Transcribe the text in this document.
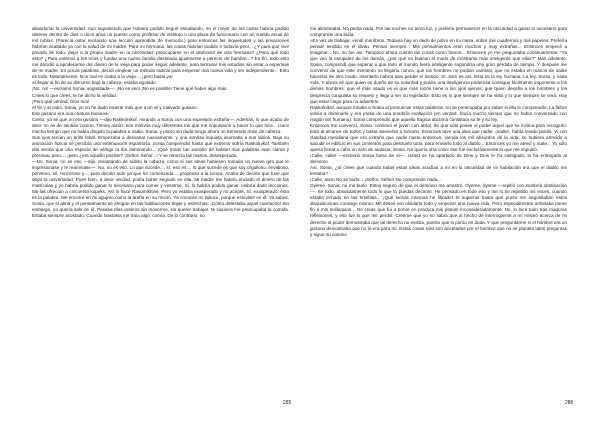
abandonar la universidad. Aun suponiendo que hubiera podido seguir estudiando, en el mejor de los casos habría podido obtener dentro de diez o doce años un puesto como profesor de instituto o una plaza de funcionario con un sueldo anual de mil rublos. (Parecía estar recitando una lección aprendida de memoria.) para entonces las inquietudes y las privaciones habrían acabado ya con la salud de mi madre. Para mi hermana, las cosas habrían podido ir todavía peor... ¿Y para qué vivir privado de todo, dejar a la propia madre en la necesidad, preocuparse en el deshonor de una hermana? ¿Para qué todo esto? ¿Para enterrar a los míos y fundar una nueva familia destinada igualmente a perecer de hambre...? En fin, todo esto me decidió a apoderarme del dinero de la vieja para poder seguir adelante, para terminar mis estudios sin estar a expensas de mi madre. En pocas palabras, decidí emplear un método radical para empezar una nueva vida y ser independiente... Esto es todo. Naturalmente, hice mal en matar a la vieja..., ¡pero basta ya!

Al llegar al fin de su discurso bajó la cabeza, estaba agotado.

¡No, no! —exclamó Sonia, angustiada—. ¡No es eso! ¡No es posible! Tiene que haber algo más.

Crees lo que crees, te he dicho la verdad.

¡Pero qué verdad, Dios mío!

Al fin y al cabo, Sonia, yo no he dado muerte más que a un vil y malvado gusano.

Ese gusano era una criatura humana.

Cierto, ya sé que no era gusano —dijo Raskolnikof, mirando a Sonia con una expresión extraña—. Además, lo que acabo de decir no es de sentido común. Tienes razón: son motivos muy diferentes los que me impulsaron a hacer lo que hice... Hace mucho tiempo que no había dirigido la palabra a nadie, Sonia, y porso sin duda tengo ahora un tremendo dolor de cabeza.

Sus ojos tenían un brillo febril. Empezaba a desvariar nuevamente, y una sonrisa inquieta asomaba a sus labios. Bajo su animación ficticia se percibía una extenuación espantosa. Sonia comprendió hasta qué extremo sufría Raskolnikof. También ella sentía que una especie de vértigo la iba dominando... ¡Qué modo tan extraño de hablar! Sus palabras eran claras y precisas, pero..., ¡pero ¿era aquello posible? ¡Señor, Señor...! Y se retorcía las manos, desesperada.

—No, Sonia, no es eso —dijo, levantando de súbito la cabeza, como si sus ideas hubiesen tomado un nuevo giro que le impresionase y le reanimase—. No, no es eso. Lo que sucede..., sí, eso es..., lo que sucede es que soy orgulloso, envidioso, perverso, vil, rencoroso y..., para decirlo todo ya que he comenzado..., propenso a la locura. Acabo de decirte que tuve que dejar la universidad. Pues bien, a decir verdad, podía haber seguido en ella. Mi madre me habría enviado el dinero de las matrículas y yo habría podido ganar lo necesario para comer y vestirme. Sí, lo habría podido ganar. Habría dado lecciones. Me las ofrecían a cincuenta kopeks. Así lo hace Rasumikhine. Pero yo estaba exasperado y no acepté. Sí, exasperado: ésta es la palabra. Me encerré en mi agujero como la araña en su rincón. Ya conoces mi tabuco, porque estuviste en él. Ya sabes, Sonia, que el alma y el pensamiento se ahogan en las habitaciones bajas y estrechas. ¡Cómo detestaba aquel cuartucho! Sin embargo, no quería salir de él. Pasaba días enteros sin moverme, sin querer trabajar. Ni siquiera me preocupaba la comida. Estaba siempre acostado. Cuando Nastasia me traía algo, comía. De lo contrario, no

me alimentaba. No pedía nada. Por las noches no tenía luz, y prefería permanecer en la oscuridad a ganar lo necesario para comprarme una bujía.

»En vez de trabajar, vendí mis libros. Todavía hay un dedo de polvo en mi mesa, sobre mis cuadernos y mis papeles. Prefería pensar tendido en el diván. Pensar siempre... Mis pensamientos eran muchos y muy extraños... Entonces empecé a imaginar... No, no fue así. Tampoco ahora cuento las cosas como fueron... Entonces yo me preguntaba continuamente: "Ya que veo la estupidez de los demás, ¿por qué no buscan el modo de mostrarse más inteligente que ellos?" Más adelante, Sonia, comprendí que esperar a que todo el mundo fuera inteligente supondría una gran pérdida de tiempo. Y después me convencí de que este momento no llegaría nunca, que los hombres no podían cambiar, que no estaba en manos de nadie hacerlos de otro modo. Intentarlo habría sido perder el tiempo. Sí, esto es así. Ésta es la ley humana. La ley, Sonia, y nada más. Y ahora sé que quien es dueño de su voluntad y posee una inteligencia poderosa consigue fácilmente imponerse a los demás hombres; que el más osado es el que más razón tiene a los ojos ajenos; que quien desafía a los hombres y los desprecia conquista su respeto y llega a ser su legislador. Esto es lo que siempre se ha visto y lo que siempre se verá. Hay que estar ciego para no advertirlo.

Raskolnikof, aunque miraba a Sonia al pronunciar estas palabras, no se preocupaba por saber si ella le comprendía. La fiebre volvía a dominarle y era presa de una sombría exaltación (en verdad, hacía mucho tiempo que no había conversado con ningún ser humano). Sonia comprendió que aquella trágica doctrina constituía su fe y su ley.

Entonces me convencí, Sonia, continuó el joven con ardor, de que sólo posee el poder aquel que se inclina para recogerlo. Está al alcance de todos y basta atreverse a tomarlo. Entonces tuve una idea que nadie, ¡nadie!, había tenido jamás. Vi con claridad meridiana que era extraño que nadie hasta entonces, viendo los mil absurdos de la vida, se hubiera atrevido a sacudir el edificio en sus cimientos para destruirlo todo, para enviarlo todo al diablo... Entonces yo me atreví y maté... Yo sólo quería llevar a cabo un acto de audacia, Sonia. No quería otra cosa: ése fue exclusivamente lo que me impulsó.

¡Calle, calle! —exclamó Sonia fuera de sí—. Usted se ha apartado de Dios y Dios le ha castigado, lo ha entregado al demonio.

Así, Sonia, ¿tú crees que cuando todas estas ideas acudían a mí en la oscuridad de mi habitación era que el diablo me tentaba?

¡Calle, ateo! No se burle... ¡Señor, Señor! No comprende nada...

Oyeme, Sonia; no me burlo. Estoy seguro de que el demonio me arrastró. Óyeme, óyeme —repitió con sombría obstinación—. Sé todo, absolutamente todo lo que tú puedas decirme. He pensado en todo eso y me lo he repetido mil veces, cuando estaba echado en las tinieblas... ¡Qué luchas internas he librado! Si supieras hasta qué punto me angustiaban estos disquisiciones conmigo mismo. Mil deseé era olvidarlo todo y empezar una nueva vida. Pero especialmente anhelaba poner fin a mis soliloquios... No creas que fui a poner en práctica mis planes inconsideradamente. No, lo hice todo tras maduras reflexiones, y eso fue lo que me perdió. Créeme que yo no sabía que al hecho de interrogarme a mí mismo acerca de mi derecho al poder demostraba que tal derecho no existía, puesto que lo ponía en duda. Y que preguntarme si el hombre era un gusano demostraba que no lo era para mí. Estas cosas sólo son aceptadas por el hombre que no se plantea tales preguntas y sigue su camino

285	286
